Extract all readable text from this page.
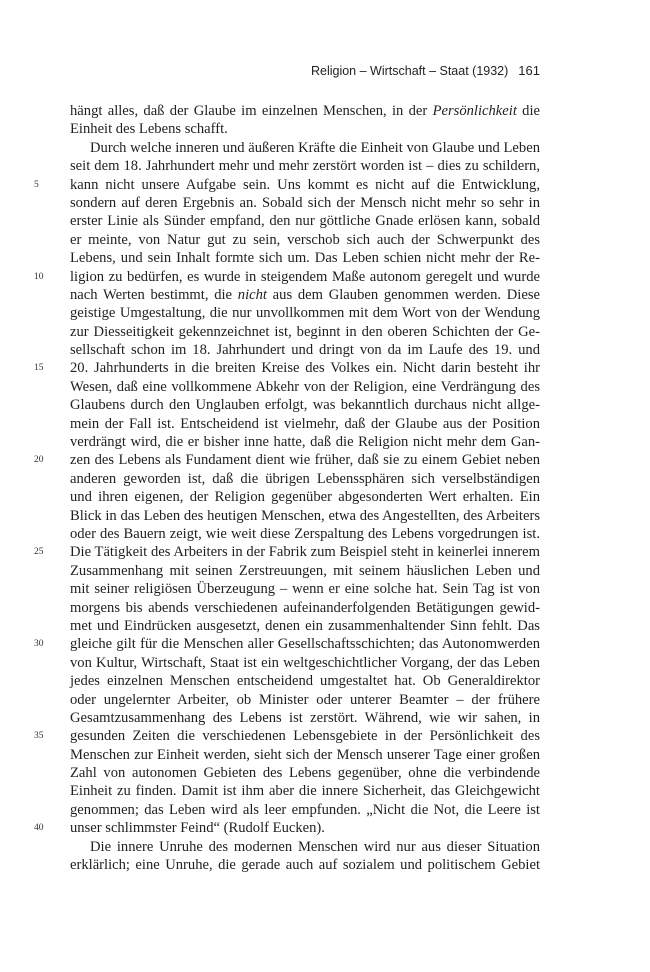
Religion – Wirtschaft – Staat (1932) 161
hängt alles, daß der Glaube im einzelnen Menschen, in der Persönlichkeit die
Einheit des Lebens schafft.
Durch welche inneren und äußeren Kräfte die Einheit von Glaube und Leben
seit dem 18. Jahrhundert mehr und mehr zerstört worden ist – dies zu schildern,
5	kann nicht unsere Aufgabe sein. Uns kommt es nicht auf die Entwicklung,
sondern auf deren Ergebnis an. Sobald sich der Mensch nicht mehr so sehr in
erster Linie als Sünder empfand, den nur göttliche Gnade erlösen kann, sobald
er meinte, von Natur gut zu sein, verschob sich auch der Schwerpunkt des
Lebens, und sein Inhalt formte sich um. Das Leben schien nicht mehr der Re-
10	ligion zu bedürfen, es wurde in steigendem Maße autonom geregelt und wurde
nach Werten bestimmt, die nicht aus dem Glauben genommen werden. Diese
geistige Umgestaltung, die nur unvollkommen mit dem Wort von der Wendung
zur Diesseitigkeit gekennzeichnet ist, beginnt in den oberen Schichten der Ge-
sellschaft schon im 18. Jahrhundert und dringt von da im Laufe des 19. und
15	20. Jahrhunderts in die breiten Kreise des Volkes ein. Nicht darin besteht ihr
Wesen, daß eine vollkommene Abkehr von der Religion, eine Verdrängung des
Glaubens durch den Unglauben erfolgt, was bekanntlich durchaus nicht allge-
mein der Fall ist. Entscheidend ist vielmehr, daß der Glaube aus der Position
verdrängt wird, die er bisher inne hatte, daß die Religion nicht mehr dem Gan-
20	zen des Lebens als Fundament dient wie früher, daß sie zu einem Gebiet neben
anderen geworden ist, daß die übrigen Lebenssphären sich verselbständigen
und ihren eigenen, der Religion gegenüber abgesonderten Wert erhalten. Ein
Blick in das Leben des heutigen Menschen, etwa des Angestellten, des Arbeiters
oder des Bauern zeigt, wie weit diese Zerspaltung des Lebens vorgedrungen ist.
25	Die Tätigkeit des Arbeiters in der Fabrik zum Beispiel steht in keinerlei innerem
Zusammenhang mit seinen Zerstreuungen, mit seinem häuslichen Leben und
mit seiner religiösen Überzeugung – wenn er eine solche hat. Sein Tag ist von
morgens bis abends verschiedenen aufeinanderfolgenden Betätigungen gewid-
met und Eindrücken ausgesetzt, denen ein zusammenhaltender Sinn fehlt. Das
30	gleiche gilt für die Menschen aller Gesellschaftsschichten; das Autonomwerden
von Kultur, Wirtschaft, Staat ist ein weltgeschichtlicher Vorgang, der das Leben
jedes einzelnen Menschen entscheidend umgestaltet hat. Ob Generaldirektor
oder ungelernter Arbeiter, ob Minister oder unterer Beamter – der frühere
Gesamtzusammenhang des Lebens ist zerstört. Während, wie wir sahen, in
35	gesunden Zeiten die verschiedenen Lebensgebiete in der Persönlichkeit des
Menschen zur Einheit werden, sieht sich der Mensch unserer Tage einer großen
Zahl von autonomen Gebieten des Lebens gegenüber, ohne die verbindende
Einheit zu finden. Damit ist ihm aber die innere Sicherheit, das Gleichgewicht
genommen; das Leben wird als leer empfunden. „Nicht die Not, die Leere ist
40	unser schlimmster Feind“ (Rudolf Eucken).
Die innere Unruhe des modernen Menschen wird nur aus dieser Situation
erklärlich; eine Unruhe, die gerade auch auf sozialem und politischem Gebiet
